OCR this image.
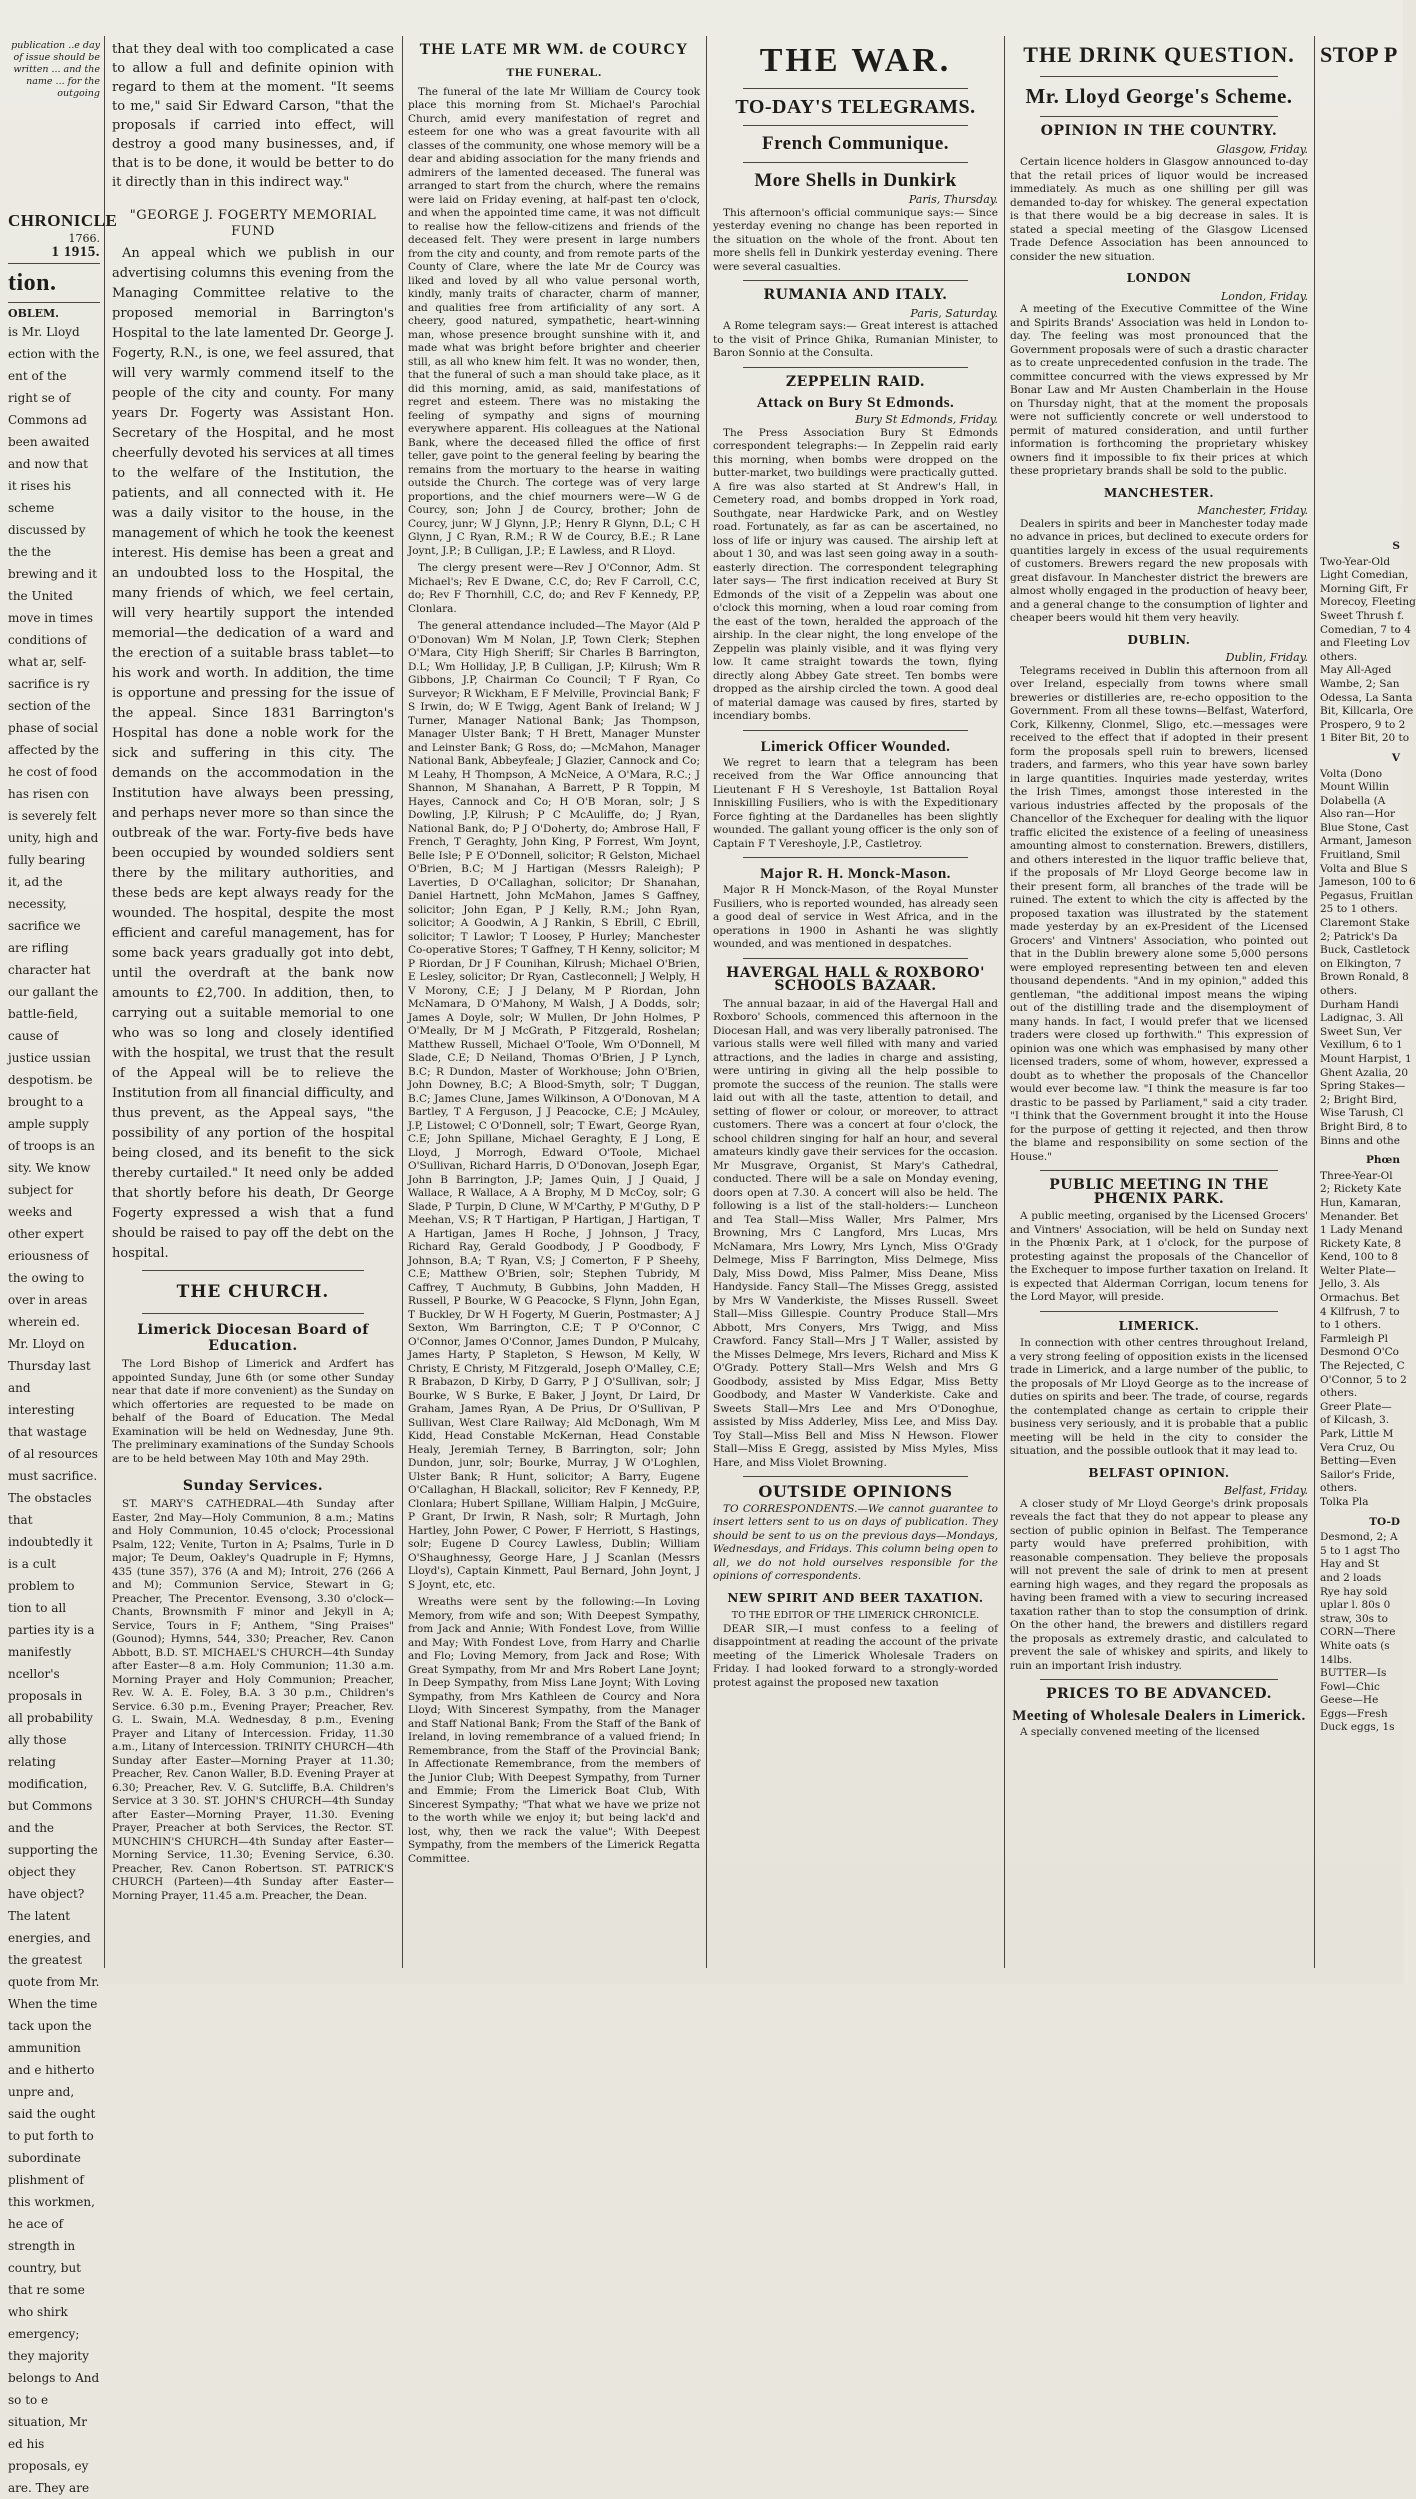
publication ..e day of issue should be written ... and the name ... for the outgoing
CHRONICLE
1766.
1 1915.
tion.
OBLEM.
is Mr. Lloyd ection with the ent of the right se of Commons ad been awaited and now that it rises his scheme discussed by the the brewing and it the United move in times conditions of what ar, self-sacrifice is ry section of the phase of social affected by the he cost of food has risen con is severely felt unity, high and fully bearing it, ad the necessity, sacrifice we are rifling character hat our gallant the battle-field, cause of justice ussian despotism. be brought to a ample supply of troops is an sity. We know subject for weeks and other expert eriousness of the owing to over in areas wherein ed. Mr. Lloyd on Thursday last and interesting that wastage of al resources must sacrifice. The obstacles that indoubtedly it is a cult problem to tion to all parties ity is a manifestly ncellor's proposals in all probability ally those relating modification, but Commons and the supporting the object they have object? The latent energies, and the greatest quote from Mr. When the time tack upon the ammunition and e hitherto unpre and, said the ought to put forth to subordinate plishment of this workmen, he ace of strength in country, but that re some who shirk emergency; they majority belongs to And so to e situation, Mr ed his proposals, ey are. They are

that they deal with too complicated a case to allow a full and definite opinion with regard to them at the moment. "It seems to me," said Sir Edward Carson, "that the proposals if carried into effect, will destroy a good many businesses, and, if that is to be done, it would be better to do it directly than in this indirect way."

"GEORGE J. FOGERTY MEMORIAL FUND

An appeal which we publish in our advertising columns this evening from the Managing Committee relative to the proposed memorial in Barrington's Hospital to the late lamented Dr. George J. Fogerty, R.N., is one, we feel assured, that will very warmly commend itself to the people of the city and county. For many years Dr. Fogerty was Assistant Hon. Secretary of the Hospital, and he most cheerfully devoted his services at all times to the welfare of the Institution, the patients, and all connected with it. He was a daily visitor to the house, in the management of which he took the keenest interest. His demise has been a great and an undoubted loss to the Hospital, the many friends of which, we feel certain, will very heartily support the intended memorial—the dedication of a ward and the erection of a suitable brass tablet—to his work and worth. In addition, the time is opportune and pressing for the issue of the appeal. Since 1831 Barrington's Hospital has done a noble work for the sick and suffering in this city. The demands on the accommodation in the Institution have always been pressing, and perhaps never more so than since the outbreak of the war. Forty-five beds have been occupied by wounded soldiers sent there by the military authorities, and these beds are kept always ready for the wounded. The hospital, despite the most efficient and careful management, has for some back years gradually got into debt, until the overdraft at the bank now amounts to £2,700. In addition, then, to carrying out a suitable memorial to one who was so long and closely identified with the hospital, we trust that the result of the Appeal will be to relieve the Institution from all financial difficulty, and thus prevent, as the Appeal says, "the possibility of any portion of the hospital being closed, and its benefit to the sick thereby curtailed." It need only be added that shortly before his death, Dr George Fogerty expressed a wish that a fund should be raised to pay off the debt on the hospital.

THE CHURCH.
Limerick Diocesan Board of Education.

The Lord Bishop of Limerick and Ardfert has appointed Sunday, June 6th (or some other Sunday near that date if more convenient) as the Sunday on which offertories are requested to be made on behalf of the Board of Education. The Medal Examination will be held on Wednesday, June 9th. The preliminary examinations of the Sunday Schools are to be held between May 10th and May 29th.

Sunday Services.

ST. MARY'S CATHEDRAL—4th Sunday after Easter, 2nd May—Holy Communion, 8 a.m.; Matins and Holy Communion, 10.45 o'clock; Processional Psalm, 122; Venite, Turton in A; Psalms, Turle in D major; Te Deum, Oakley's Quadruple in F; Hymns, 435 (tune 357), 376 (A and M); Introit, 276 (266 A and M); Communion Service, Stewart in G; Preacher, The Precentor. Evensong, 3.30 o'clock—Chants, Brownsmith F minor and Jekyll in A; Service, Tours in F; Anthem, "Sing Praises" (Gounod); Hymns, 544, 330; Preacher, Rev. Canon Abbott, B.D. ST. MICHAEL'S CHURCH—4th Sunday after Easter—8 a.m. Holy Communion; 11.30 a.m. Morning Prayer and Holy Communion; Preacher, Rev. W. A. E. Foley, B.A. 3 30 p.m., Children's Service. 6.30 p.m., Evening Prayer; Preacher, Rev. G. L. Swain, M.A. Wednesday, 8 p.m., Evening Prayer and Litany of Intercession. Friday, 11.30 a.m., Litany of Intercession. TRINITY CHURCH—4th Sunday after Easter—Morning Prayer at 11.30; Preacher, Rev. Canon Waller, B.D. Evening Prayer at 6.30; Preacher, Rev. V. G. Sutcliffe, B.A. Children's Service at 3 30. ST. JOHN'S CHURCH—4th Sunday after Easter—Morning Prayer, 11.30. Evening Prayer, Preacher at both Services, the Rector. ST. MUNCHIN'S CHURCH—4th Sunday after Easter—Morning Service, 11.30; Evening Service, 6.30. Preacher, Rev. Canon Robertson. ST. PATRICK'S CHURCH (Parteen)—4th Sunday after Easter—Morning Prayer, 11.45 a.m. Preacher, the Dean.

THE LATE MR WM. de COURCY
THE FUNERAL.

The funeral of the late Mr William de Courcy took place this morning from St. Michael's Parochial Church, amid every manifestation of regret and esteem for one who was a great favourite with all classes of the community, one whose memory will be a dear and abiding association for the many friends and admirers of the lamented deceased. The funeral was arranged to start from the church, where the remains were laid on Friday evening, at half-past ten o'clock, and when the appointed time came, it was not difficult to realise how the fellow-citizens and friends of the deceased felt. They were present in large numbers from the city and county, and from remote parts of the County of Clare, where the late Mr de Courcy was liked and loved by all who value personal worth, kindly, manly traits of character, charm of manner, and qualities free from artificiality of any sort. A cheery, good natured, sympathetic, heart-winning man, whose presence brought sunshine with it, and made what was bright before brighter and cheerier still, as all who knew him felt. It was no wonder, then, that the funeral of such a man should take place, as it did this morning, amid, as said, manifestations of regret and esteem. There was no mistaking the feeling of sympathy and signs of mourning everywhere apparent. His colleagues at the National Bank, where the deceased filled the office of first teller, gave point to the general feeling by bearing the remains from the mortuary to the hearse in waiting outside the Church. The cortege was of very large proportions, and the chief mourners were—W G de Courcy, son; John J de Courcy, brother; John de Courcy, junr; W J Glynn, J.P.; Henry R Glynn, D.L; C H Glynn, J C Ryan, R.M.; R W de Courcy, B.E.; R Lane Joynt, J.P.; B Culligan, J.P.; E Lawless, and R Lloyd.

The clergy present were—Rev J O'Connor, Adm. St Michael's; Rev E Dwane, C.C, do; Rev F Carroll, C.C, do; Rev F Thornhill, C.C, do; and Rev F Kennedy, P.P, Clonlara.

The general attendance included—The Mayor (Ald P O'Donovan) Wm M Nolan, J.P, Town Clerk; Stephen O'Mara, City High Sheriff; Sir Charles B Barrington, D.L; Wm Holliday, J.P, B Culligan, J.P; Kilrush; Wm R Gibbons, J.P, Chairman Co Council; T F Ryan, Co Surveyor; R Wickham, E F Melville, Provincial Bank; F S Irwin, do; W E Twigg, Agent Bank of Ireland; W J Turner, Manager National Bank; Jas Thompson, Manager Ulster Bank; T H Brett, Manager Munster and Leinster Bank; G Ross, do; —McMahon, Manager National Bank, Abbeyfeale; J Glazier, Cannock and Co; M Leahy, H Thompson, A McNeice, A O'Mara, R.C.; J Shannon, M Shanahan, A Barrett, P R Toppin, M Hayes, Cannock and Co; H O'B Moran, solr; J S Dowling, J.P, Kilrush; P C McAuliffe, do; J Ryan, National Bank, do; P J O'Doherty, do; Ambrose Hall, F French, T Geraghty, John King, P Forrest, Wm Joynt, Belle Isle; P E O'Donnell, solicitor; R Gelston, Michael O'Brien, B.C; M J Hartigan (Messrs Raleigh); P Laverties, D O'Callaghan, solicitor; Dr Shanahan, Daniel Hartnett, John McMahon, James S Gaffney, solicitor; John Egan, P J Kelly, R.M.; John Ryan, solicitor; A Goodwin, A J Rankin, S Ebrill, C Ebrill, solicitor; T Lawlor; T Loosey, P Hurley; Manchester Co-operative Stores; T Gaffney, T H Kenny, solicitor; M P Riordan, Dr J F Counihan, Kilrush; Michael O'Brien, E Lesley, solicitor; Dr Ryan, Castleconnell; J Welply, H V Morony, C.E; J J Delany, M P Riordan, John McNamara, D O'Mahony, M Walsh, J A Dodds, solr; James A Doyle, solr; W Mullen, Dr John Holmes, P O'Meally, Dr M J McGrath, P Fitzgerald, Roshelan; Matthew Russell, Michael O'Toole, Wm O'Donnell, M Slade, C.E; D Neiland, Thomas O'Brien, J P Lynch, B.C; R Dundon, Master of Workhouse; John O'Brien, John Downey, B.C; A Blood-Smyth, solr; T Duggan, B.C; James Clune, James Wilkinson, A O'Donovan, M A Bartley, T A Ferguson, J J Peacocke, C.E; J McAuley, J.P, Listowel; C O'Donnell, solr; T Ewart, George Ryan, C.E; John Spillane, Michael Geraghty, E J Long, E Lloyd, J Morrogh, Edward O'Toole, Michael O'Sullivan, Richard Harris, D O'Donovan, Joseph Egar, John B Barrington, J.P; James Quin, J J Quaid, J Wallace, R Wallace, A A Brophy, M D McCoy, solr; G Slade, P Turpin, D Clune, W M'Carthy, P M'Guthy, D P Meehan, V.S; R T Hartigan, P Hartigan, J Hartigan, T A Hartigan, James H Roche, J Johnson, J Tracy, Richard Ray, Gerald Goodbody, J P Goodbody, F Johnson, B.A; T Ryan, V.S; J Comerton, F P Sheehy, C.E; Matthew O'Brien, solr; Stephen Tubridy, M Caffrey, T Auchmuty, B Gubbins, John Madden, H Russell, P Bourke, W G Peacocke, S Flynn, John Egan, T Buckley, Dr W H Fogerty, M Guerin, Postmaster; A J Sexton, Wm Barrington, C.E; T P O'Connor, C O'Connor, James O'Connor, James Dundon, P Mulcahy, James Harty, P Stapleton, S Hewson, M Kelly, W Christy, E Christy, M Fitzgerald, Joseph O'Malley, C.E; R Brabazon, D Kirby, D Garry, P J O'Sullivan, solr; J Bourke, W S Burke, E Baker, J Joynt, Dr Laird, Dr Graham, James Ryan, A De Prius, Dr O'Sullivan, P Sullivan, West Clare Railway; Ald McDonagh, Wm M Kidd, Head Constable McKernan, Head Constable Healy, Jeremiah Terney, B Barrington, solr; John Dundon, junr, solr; Bourke, Murray, J W O'Loghlen, Ulster Bank; R Hunt, solicitor; A Barry, Eugene O'Callaghan, H Blackall, solicitor; Rev F Kennedy, P.P, Clonlara; Hubert Spillane, William Halpin, J McGuire, P Grant, Dr Irwin, R Nash, solr; R Murtagh, John Hartley, John Power, C Power, F Herriott, S Hastings, solr; Eugene D Courcy Lawless, Dublin; William O'Shaughnessy, George Hare, J J Scanlan (Messrs Lloyd's), Captain Kinmett, Paul Bernard, John Joynt, J S Joynt, etc, etc.

Wreaths were sent by the following:—In Loving Memory, from wife and son; With Deepest Sympathy, from Jack and Annie; With Fondest Love, from Willie and May; With Fondest Love, from Harry and Charlie and Flo; Loving Memory, from Jack and Rose; With Great Sympathy, from Mr and Mrs Robert Lane Joynt; In Deep Sympathy, from Miss Lane Joynt; With Loving Sympathy, from Mrs Kathleen de Courcy and Nora Lloyd; With Sincerest Sympathy, from the Manager and Staff National Bank; From the Staff of the Bank of Ireland, in loving remembrance of a valued friend; In Remembrance, from the Staff of the Provincial Bank; In Affectionate Remembrance, from the members of the Junior Club; With Deepest Sympathy, from Turner and Emmie; From the Limerick Boat Club, With Sincerest Sympathy; "That what we have we prize not to the worth while we enjoy it; but being lack'd and lost, why, then we rack the value"; With Deepest Sympathy, from the members of the Limerick Regatta Committee.

THE WAR.
TO-DAY'S TELEGRAMS.
French Communique.
More Shells in Dunkirk
Paris, Thursday.

This afternoon's official communique says:— Since yesterday evening no change has been reported in the situation on the whole of the front. About ten more shells fell in Dunkirk yesterday evening. There were several casualties.

RUMANIA AND ITALY.
Paris, Saturday.

A Rome telegram says:— Great interest is attached to the visit of Prince Ghika, Rumanian Minister, to Baron Sonnio at the Consulta.

ZEPPELIN RAID.
Attack on Bury St Edmonds.
Bury St Edmonds, Friday.

The Press Association Bury St Edmonds correspondent telegraphs:— In Zeppelin raid early this morning, when bombs were dropped on the butter-market, two buildings were practically gutted. A fire was also started at St Andrew's Hall, in Cemetery road, and bombs dropped in York road, Southgate, near Hardwicke Park, and on Westley road. Fortunately, as far as can be ascertained, no loss of life or injury was caused. The airship left at about 1 30, and was last seen going away in a south-easterly direction. The correspondent telegraphing later says— The first indication received at Bury St Edmonds of the visit of a Zeppelin was about one o'clock this morning, when a loud roar coming from the east of the town, heralded the approach of the airship. In the clear night, the long envelope of the Zeppelin was plainly visible, and it was flying very low. It came straight towards the town, flying directly along Abbey Gate street. Ten bombs were dropped as the airship circled the town. A good deal of material damage was caused by fires, started by incendiary bombs.

Limerick Officer Wounded.

We regret to learn that a telegram has been received from the War Office announcing that Lieutenant F H S Vereshoyle, 1st Battalion Royal Inniskilling Fusiliers, who is with the Expeditionary Force fighting at the Dardanelles has been slightly wounded. The gallant young officer is the only son of Captain F T Vereshoyle, J.P., Castletroy.

Major R. H. Monck-Mason.

Major R H Monck-Mason, of the Royal Munster Fusiliers, who is reported wounded, has already seen a good deal of service in West Africa, and in the operations in 1900 in Ashanti he was slightly wounded, and was mentioned in despatches.

HAVERGAL HALL & ROXBORO' SCHOOLS BAZAAR.

The annual bazaar, in aid of the Havergal Hall and Roxboro' Schools, commenced this afternoon in the Diocesan Hall, and was very liberally patronised. The various stalls were well filled with many and varied attractions, and the ladies in charge and assisting, were untiring in giving all the help possible to promote the success of the reunion. The stalls were laid out with all the taste, attention to detail, and setting of flower or colour, or moreover, to attract customers. There was a concert at four o'clock, the school children singing for half an hour, and several amateurs kindly gave their services for the occasion. Mr Musgrave, Organist, St Mary's Cathedral, conducted. There will be a sale on Monday evening, doors open at 7.30. A concert will also be held. The following is a list of the stall-holders:— Luncheon and Tea Stall—Miss Waller, Mrs Palmer, Mrs Browning, Mrs C Langford, Mrs Lucas, Mrs McNamara, Mrs Lowry, Mrs Lynch, Miss O'Grady Delmege, Miss F Barrington, Miss Delmege, Miss Daly, Miss Dowd, Miss Palmer, Miss Deane, Miss Handyside. Fancy Stall—The Misses Gregg, assisted by Mrs W Vanderkiste, the Misses Russell. Sweet Stall—Miss Gillespie. Country Produce Stall—Mrs Abbott, Mrs Conyers, Mrs Twigg, and Miss Crawford. Fancy Stall—Mrs J T Waller, assisted by the Misses Delmege, Mrs Ievers, Richard and Miss K O'Grady. Pottery Stall—Mrs Welsh and Mrs G Goodbody, assisted by Miss Edgar, Miss Betty Goodbody, and Master W Vanderkiste. Cake and Sweets Stall—Mrs Lee and Mrs O'Donoghue, assisted by Miss Adderley, Miss Lee, and Miss Day. Toy Stall—Miss Bell and Miss N Hewson. Flower Stall—Miss E Gregg, assisted by Miss Myles, Miss Hare, and Miss Violet Browning.

OUTSIDE OPINIONS

TO CORRESPONDENTS.—We cannot guarantee to insert letters sent to us on days of publication. They should be sent to us on the previous days—Mondays, Wednesdays, and Fridays. This column being open to all, we do not hold ourselves responsible for the opinions of correspondents.

NEW SPIRIT AND BEER TAXATION.
TO THE EDITOR OF THE LIMERICK CHRONICLE.

DEAR SIR,—I must confess to a feeling of disappointment at reading the account of the private meeting of the Limerick Wholesale Traders on Friday. I had looked forward to a strongly-worded protest against the proposed new taxation

THE DRINK QUESTION.
Mr. Lloyd George's Scheme.
OPINION IN THE COUNTRY.
Glasgow, Friday.

Certain licence holders in Glasgow announced to-day that the retail prices of liquor would be increased immediately. As much as one shilling per gill was demanded to-day for whiskey. The general expectation is that there would be a big decrease in sales. It is stated a special meeting of the Glasgow Licensed Trade Defence Association has been announced to consider the new situation.

LONDON
London, Friday.

A meeting of the Executive Committee of the Wine and Spirits Brands' Association was held in London to-day. The feeling was most pronounced that the Government proposals were of such a drastic character as to create unprecedented confusion in the trade. The committee concurred with the views expressed by Mr Bonar Law and Mr Austen Chamberlain in the House on Thursday night, that at the moment the proposals were not sufficiently concrete or well understood to permit of matured consideration, and until further information is forthcoming the proprietary whiskey owners find it impossible to fix their prices at which these proprietary brands shall be sold to the public.

MANCHESTER.
Manchester, Friday.

Dealers in spirits and beer in Manchester today made no advance in prices, but declined to execute orders for quantities largely in excess of the usual requirements of customers. Brewers regard the new proposals with great disfavour. In Manchester district the brewers are almost wholly engaged in the production of heavy beer, and a general change to the consumption of lighter and cheaper beers would hit them very heavily.

DUBLIN.
Dublin, Friday.

Telegrams received in Dublin this afternoon from all over Ireland, especially from towns where small breweries or distilleries are, re-echo opposition to the Government. From all these towns—Belfast, Waterford, Cork, Kilkenny, Clonmel, Sligo, etc.—messages were received to the effect that if adopted in their present form the proposals spell ruin to brewers, licensed traders, and farmers, who this year have sown barley in large quantities. Inquiries made yesterday, writes the Irish Times, amongst those interested in the various industries affected by the proposals of the Chancellor of the Exchequer for dealing with the liquor traffic elicited the existence of a feeling of uneasiness amounting almost to consternation. Brewers, distillers, and others interested in the liquor traffic believe that, if the proposals of Mr Lloyd George become law in their present form, all branches of the trade will be ruined. The extent to which the city is affected by the proposed taxation was illustrated by the statement made yesterday by an ex-President of the Licensed Grocers' and Vintners' Association, who pointed out that in the Dublin brewery alone some 5,000 persons were employed representing between ten and eleven thousand dependents. "And in my opinion," added this gentleman, "the additional impost means the wiping out of the distilling trade and the disemployment of many hands. In fact, I would prefer that we licensed traders were closed up forthwith." This expression of opinion was one which was emphasised by many other licensed traders, some of whom, however, expressed a doubt as to whether the proposals of the Chancellor would ever become law. "I think the measure is far too drastic to be passed by Parliament," said a city trader. "I think that the Government brought it into the House for the purpose of getting it rejected, and then throw the blame and responsibility on some section of the House."

PUBLIC MEETING IN THE PHŒNIX PARK.

A public meeting, organised by the Licensed Grocers' and Vintners' Association, will be held on Sunday next in the Phœnix Park, at 1 o'clock, for the purpose of protesting against the proposals of the Chancellor of the Exchequer to impose further taxation on Ireland. It is expected that Alderman Corrigan, locum tenens for the Lord Mayor, will preside.

LIMERICK.

In connection with other centres throughout Ireland, a very strong feeling of opposition exists in the licensed trade in Limerick, and a large number of the public, to the proposals of Mr Lloyd George as to the increase of duties on spirits and beer. The trade, of course, regards the contemplated change as certain to cripple their business very seriously, and it is probable that a public meeting will be held in the city to consider the situation, and the possible outlook that it may lead to.

BELFAST OPINION.
Belfast, Friday.

A closer study of Mr Lloyd George's drink proposals reveals the fact that they do not appear to please any section of public opinion in Belfast. The Temperance party would have preferred prohibition, with reasonable compensation. They believe the proposals will not prevent the sale of drink to men at present earning high wages, and they regard the proposals as having been framed with a view to securing increased taxation rather than to stop the consumption of drink. On the other hand, the brewers and distillers regard the proposals as extremely drastic, and calculated to prevent the sale of whiskey and spirits, and likely to ruin an important Irish industry.

PRICES TO BE ADVANCED.
Meeting of Wholesale Dealers in Limerick.

A specially convened meeting of the licensed

STOP P
S
Two-Year-Old
Light Comedian,
Morning Gift, Fr
Morecoy, Fleeting
Sweet Thrush f.
Comedian, 7 to 4
and Fleeting Lov
others.
May All-Aged
Wambe, 2; San
Odessa, La Santa
Bit, Killcarla, Ore
Prospero, 9 to 2
1 Biter Bit, 20 to
V
Volta (Dono
Mount Willin
Dolabella (A
Also ran—Hor
Blue Stone, Cast
Armant, Jameson
Fruitland, Smil
Volta and Blue S
Jameson, 100 to 6
Pegasus, Fruitlan
25 to 1 others.
Claremont Stake
2; Patrick's Da
Buck, Castletock
on Elkington, 7
Brown Ronald, 8
others.
Durham Handi
Ladignac, 3. All
Sweet Sun, Ver
Vexillum, 6 to 1
Mount Harpist, 1
Ghent Azalia, 20
Spring Stakes—
2; Bright Bird,
Wise Tarush, Cl
Bright Bird, 8 to
Binns and othe
Phœn
Three-Year-Ol
2; Rickety Kate
Hun, Kamaran,
Menander. Bet
1 Lady Menand
Rickety Kate, 8
Kend, 100 to 8
Welter Plate—
Jello, 3. Als
Ormachus. Bet
4 Kilfrush, 7 to
to 1 others.
Farmleigh Pl
Desmond O'Co
The Rejected, C
O'Connor, 5 to 2
others.
Greer Plate—
of Kilcash, 3.
Park, Little M
Vera Cruz, Ou
Betting—Even
Sailor's Fride,
others.
Tolka Pla
TO-D
Desmond, 2; A
5 to 1 agst Tho
Hay and St
and 2 loads
Rye hay sold
uplar l. 80s 0
straw, 30s to
CORN—There
White oats (s
14lbs.
BUTTER—Is
Fowl—Chic
Geese—He
Eggs—Fresh
Duck eggs, 1s
